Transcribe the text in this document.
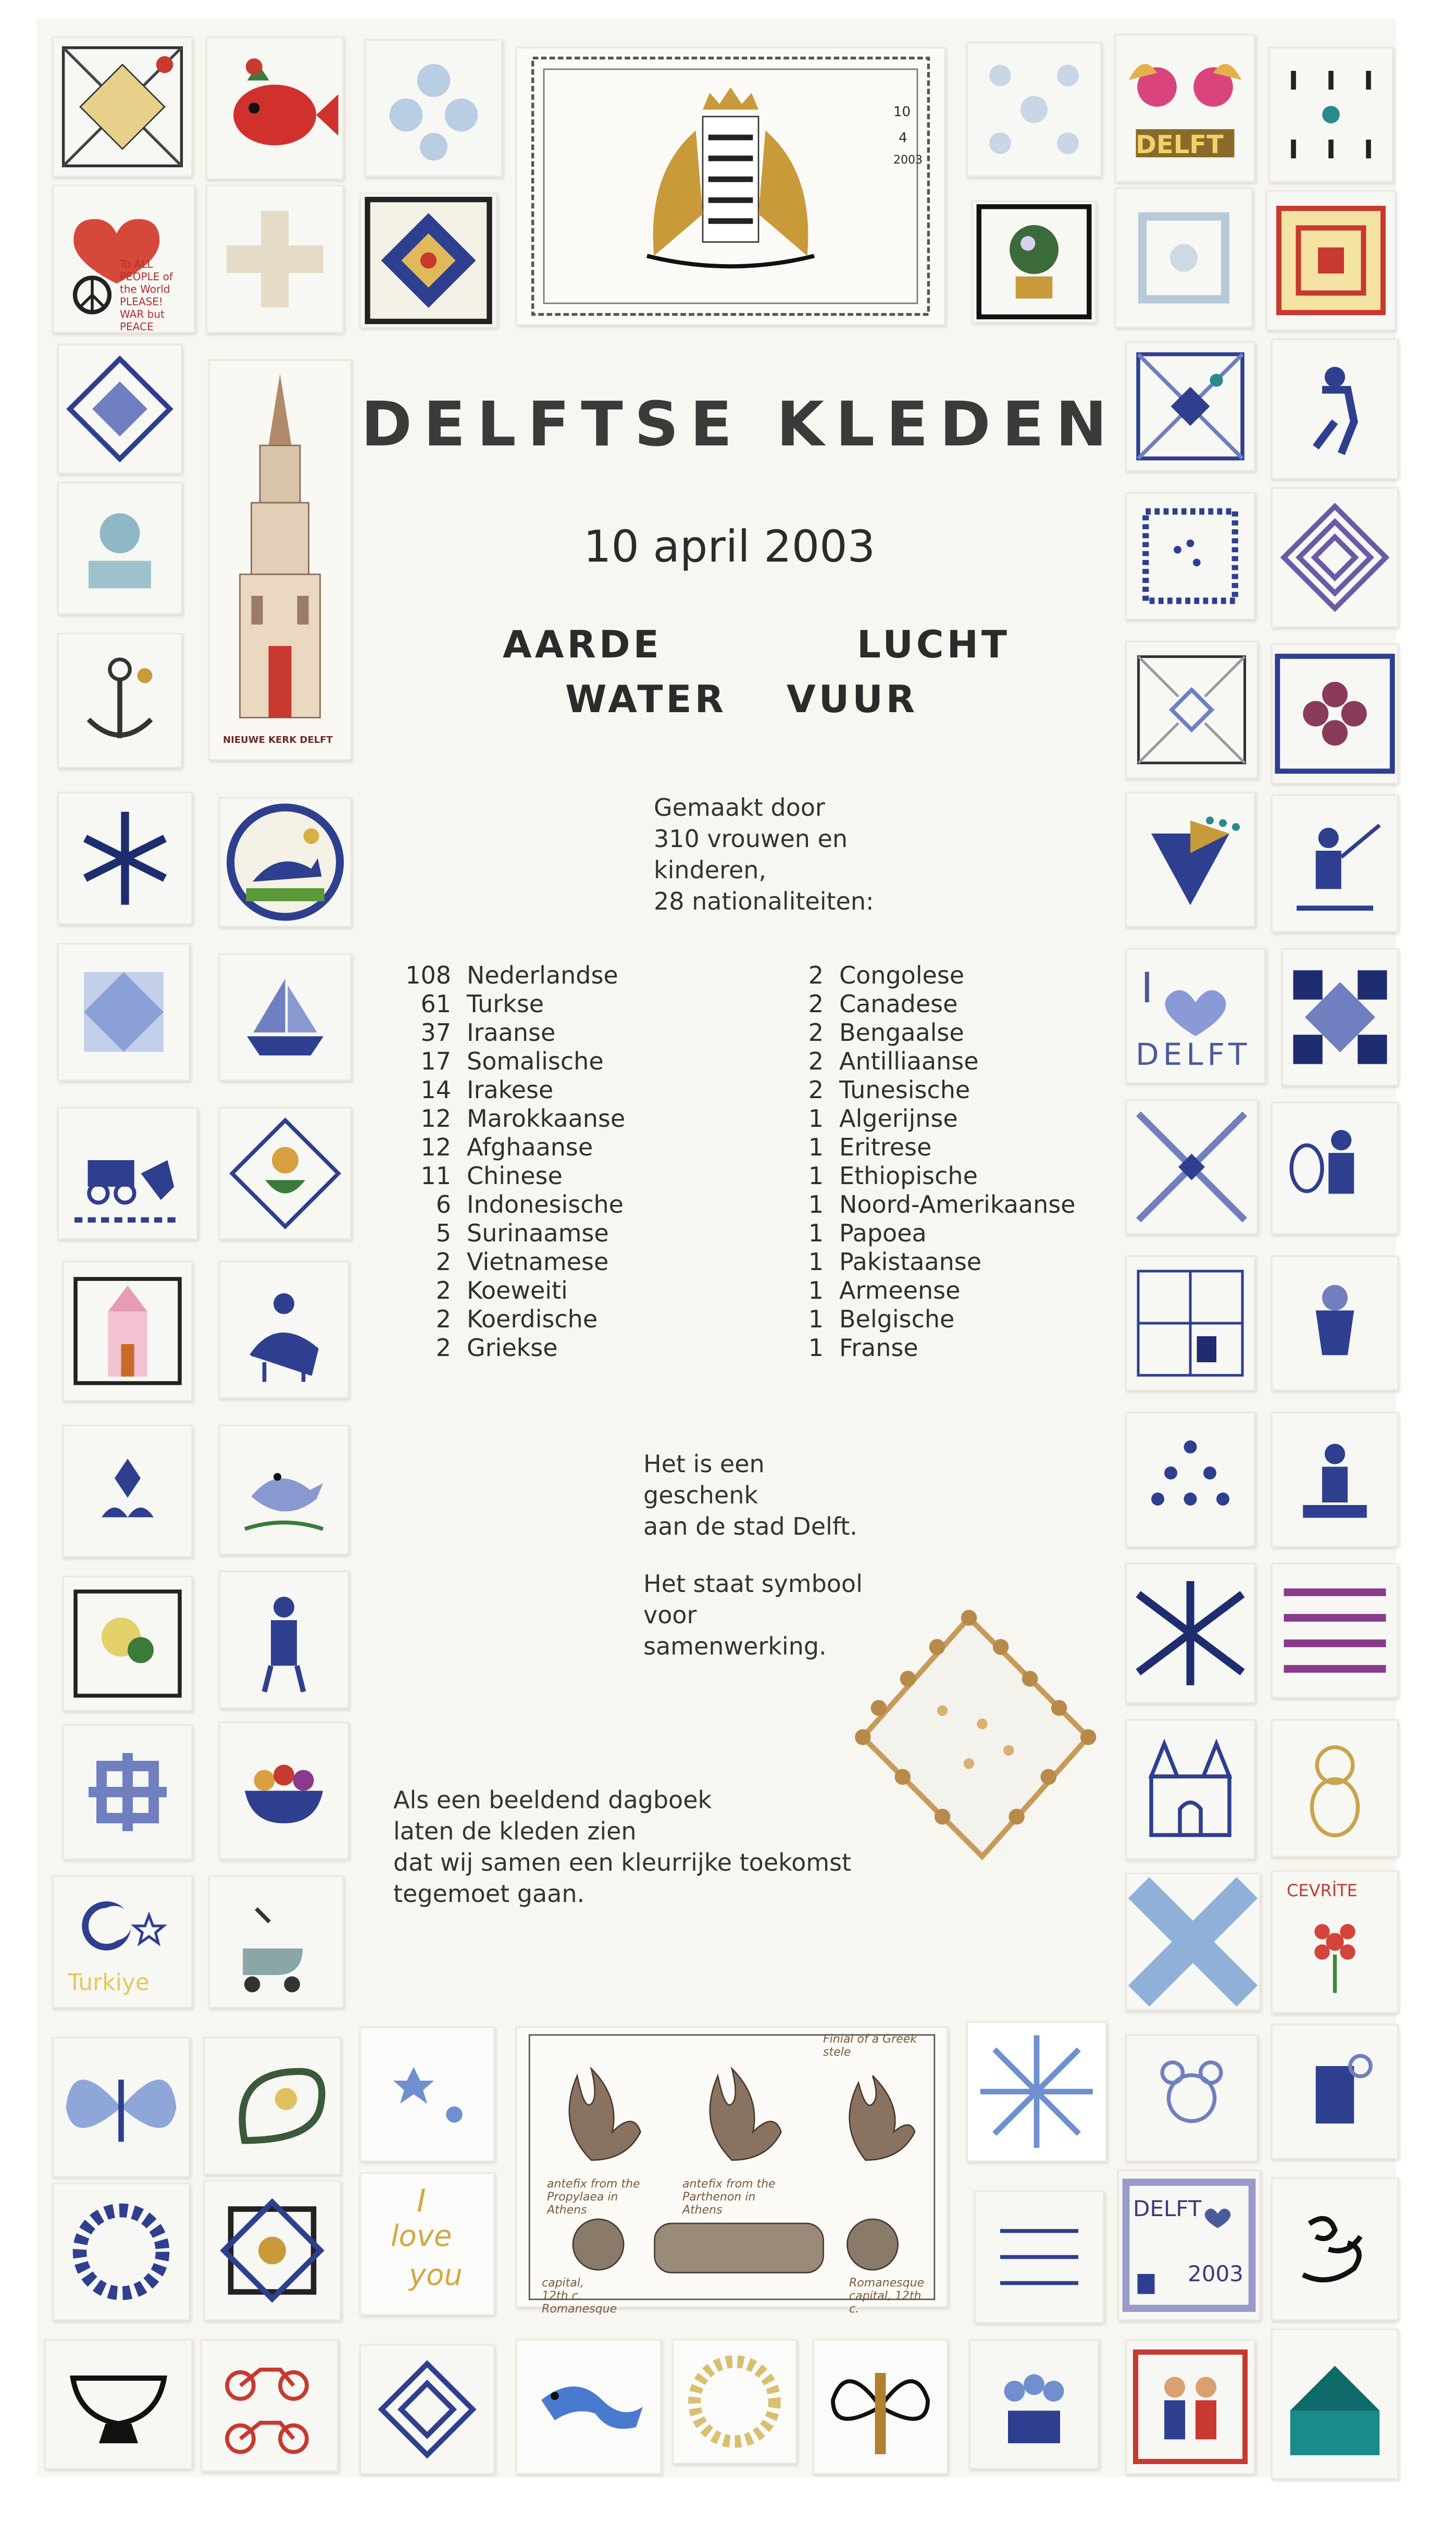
10
4
2003
DELFT
To ALL PEOPLE of the World PLEASE! WAR but PEACE
NIEUWE KERK DELFT
Turkiye
I
DELFT
CEVRİTE
DELFT
2003
Finial of a Greek stele
antefix from the Propylaea in Athens
antefix from the Parthenon in Athens
capital, 12th c. Romanesque
Romanesque capital, 12th c.
I
love
you
DELFTSE KLEDEN
10 april 2003
AARDE	LUCHT
WATER VUUR
Gemaakt door
310 vrouwen en
kinderen,
28 nationaliteiten:
108 Nederlandse
61 Turkse
37 Iraanse
17 Somalische
14 Irakese
12 Marokkaanse
12 Afghaanse
11 Chinese
6 Indonesische
5 Surinaamse
2 Vietnamese
2 Koeweiti
2 Koerdische
2 Griekse
2 Congolese
2 Canadese
2 Bengaalse
2 Antilliaanse
2 Tunesische
1 Algerijnse
1 Eritrese
1 Ethiopische
1 Noord-Amerikaanse
1 Papoea
1 Pakistaanse
1 Armeense
1 Belgische
1 Franse
Het is een
geschenk
aan de stad Delft.
Het staat symbool
voor
samenwerking.
Als een beeldend dagboek
laten de kleden zien
dat wij samen een kleurrijke toekomst
tegemoet gaan.
